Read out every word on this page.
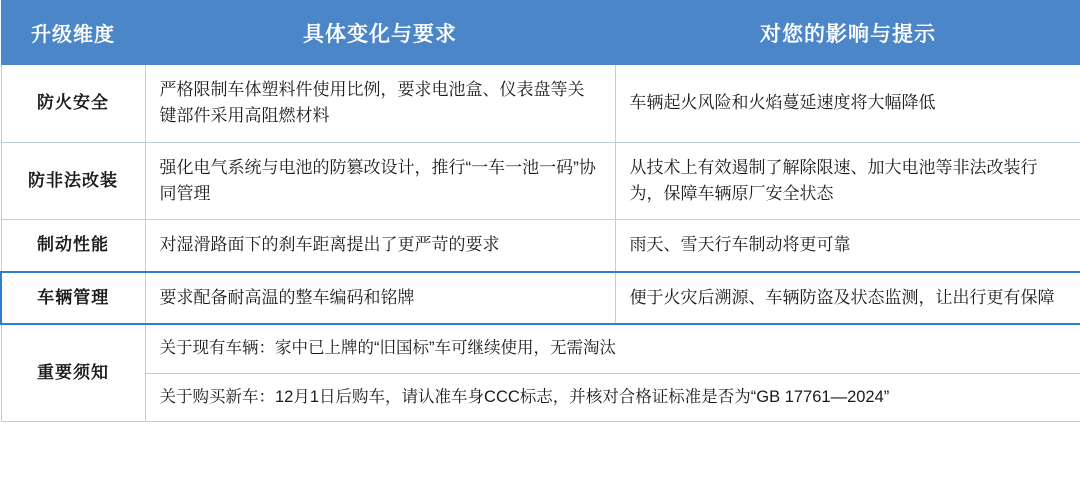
升级维度	具体变化与要求	对您的影响与提示
防火安全	严格限制车体塑料件使用比例，要求电池盒、仪表盘等关键部件采用高阻燃材料	车辆起火风险和火焰蔓延速度将大幅降低
防非法改装	强化电气系统与电池的防篡改设计，推行“一车一池一码”协同管理	从技术上有效遏制了解除限速、加大电池等非法改装行为，保障车辆原厂安全状态
制动性能	对湿滑路面下的刹车距离提出了更严苛的要求	雨天、雪天行车制动将更可靠
车辆管理	要求配备耐高温的整车编码和铭牌	便于火灾后溯源、车辆防盗及状态监测，让出行更有保障
重要须知	关于现有车辆：家中已上牌的“旧国标”车可继续使用，无需淘汰	
	关于购买新车：12月1日后购车，请认准车身CCC标志，并核对合格证标准是否为“GB 17761—2024”	
